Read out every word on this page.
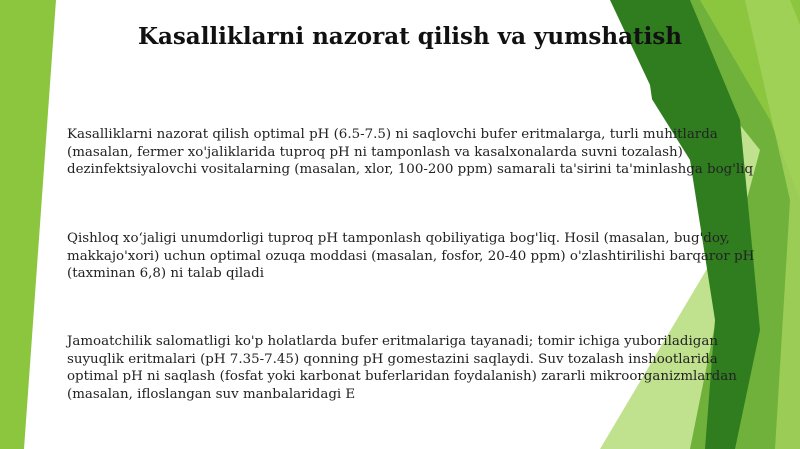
Kasalliklarni nazorat qilish va yumshatish

Kasalliklarni nazorat qilish optimal pH (6.5-7.5) ni saqlovchi bufer eritmalarga, turli muhitlarda (masalan, fermer xo'jaliklarida tuproq pH ni tamponlash va kasalxonalarda suvni tozalash) dezinfektsiyalovchi vositalarning (masalan, xlor, 100-200 ppm) samarali ta'sirini ta'minlashga bog'liq

Qishloq xo‘jaligi unumdorligi tuproq pH tamponlash qobiliyatiga bog'liq. Hosil (masalan, bug'doy, makkajo'xori) uchun optimal ozuqa moddasi (masalan, fosfor, 20-40 ppm) o'zlashtirilishi barqaror pH (taxminan 6,8) ni talab qiladi

Jamoatchilik salomatligi ko'p holatlarda bufer eritmalariga tayanadi; tomir ichiga yuboriladigan suyuqlik eritmalari (pH 7.35-7.45) qonning pH gomestazini saqlaydi. Suv tozalash inshootlarida optimal pH ni saqlash (fosfat yoki karbonat buferlaridan foydalanish) zararli mikroorganizmlardan (masalan, ifloslangan suv manbalaridagi E
